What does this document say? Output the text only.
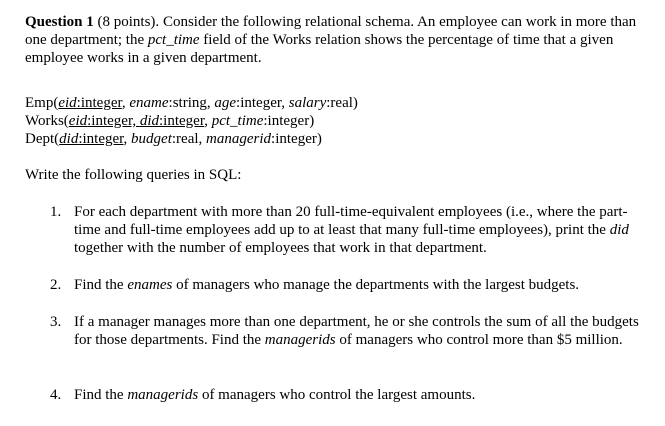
Question 1 (8 points). Consider the following relational schema. An employee can work in more than one department; the pct_time field of the Works relation shows the percentage of time that a given employee works in a given department.
Emp(eid:integer, ename:string, age:integer, salary:real)
Works(eid:integer, did:integer, pct_time:integer)
Dept(did:integer, budget:real, managerid:integer)
Write the following queries in SQL:
1. For each department with more than 20 full-time-equivalent employees (i.e., where the part-time and full-time employees add up to at least that many full-time employees), print the did together with the number of employees that work in that department.
2. Find the enames of managers who manage the departments with the largest budgets.
3. If a manager manages more than one department, he or she controls the sum of all the budgets for those departments. Find the managerids of managers who control more than $5 million.
4. Find the managerids of managers who control the largest amounts.
